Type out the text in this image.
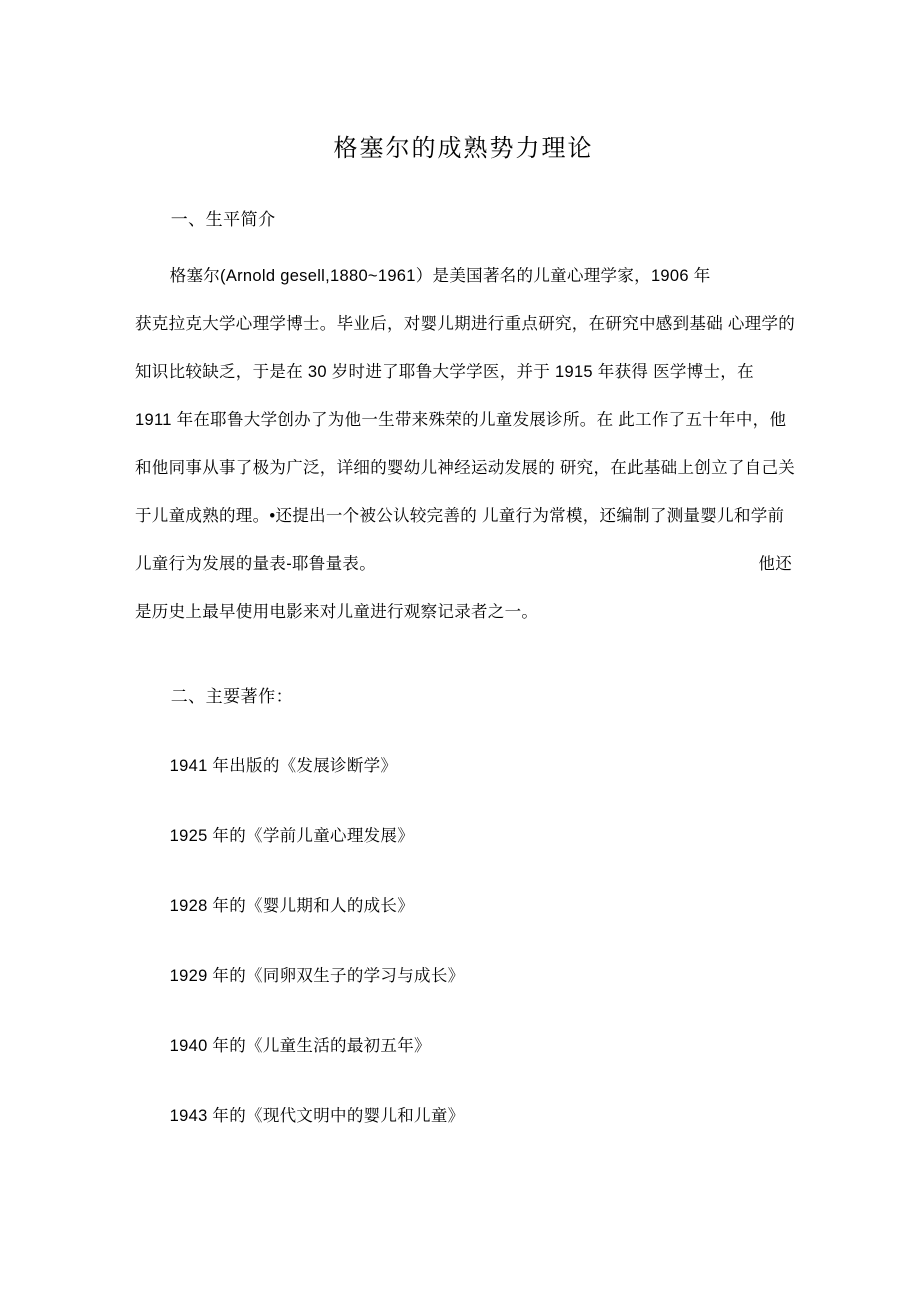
格塞尔的成熟势力理论
一、生平简介
格塞尔(Arnold gesell,1880~1961）是美国著名的儿童心理学家，1906 年
获克拉克大学心理学博士。毕业后，对婴儿期进行重点研究，在研究中感到基础 心理学的
知识比较缺乏，于是在 30 岁时进了耶鲁大学学医，并于 1915 年获得 医学博士，在
1911 年在耶鲁大学创办了为他一生带来殊荣的儿童发展诊所。在 此工作了五十年中，他
和他同事从事了极为广泛，详细的婴幼儿神经运动发展的 研究，在此基础上创立了自己关
于儿童成熟的理。•还提出一个被公认较完善的 儿童行为常模，还编制了测量婴儿和学前
儿童行为发展的量表-耶鲁量表。	他还
是历史上最早使用电影来对儿童进行观察记录者之一。
二、主要著作：
1941 年出版的《发展诊断学》
1925 年的《学前儿童心理发展》
1928 年的《婴儿期和人的成长》
1929 年的《同卵双生子的学习与成长》
1940 年的《儿童生活的最初五年》
1943 年的《现代文明中的婴儿和儿童》
